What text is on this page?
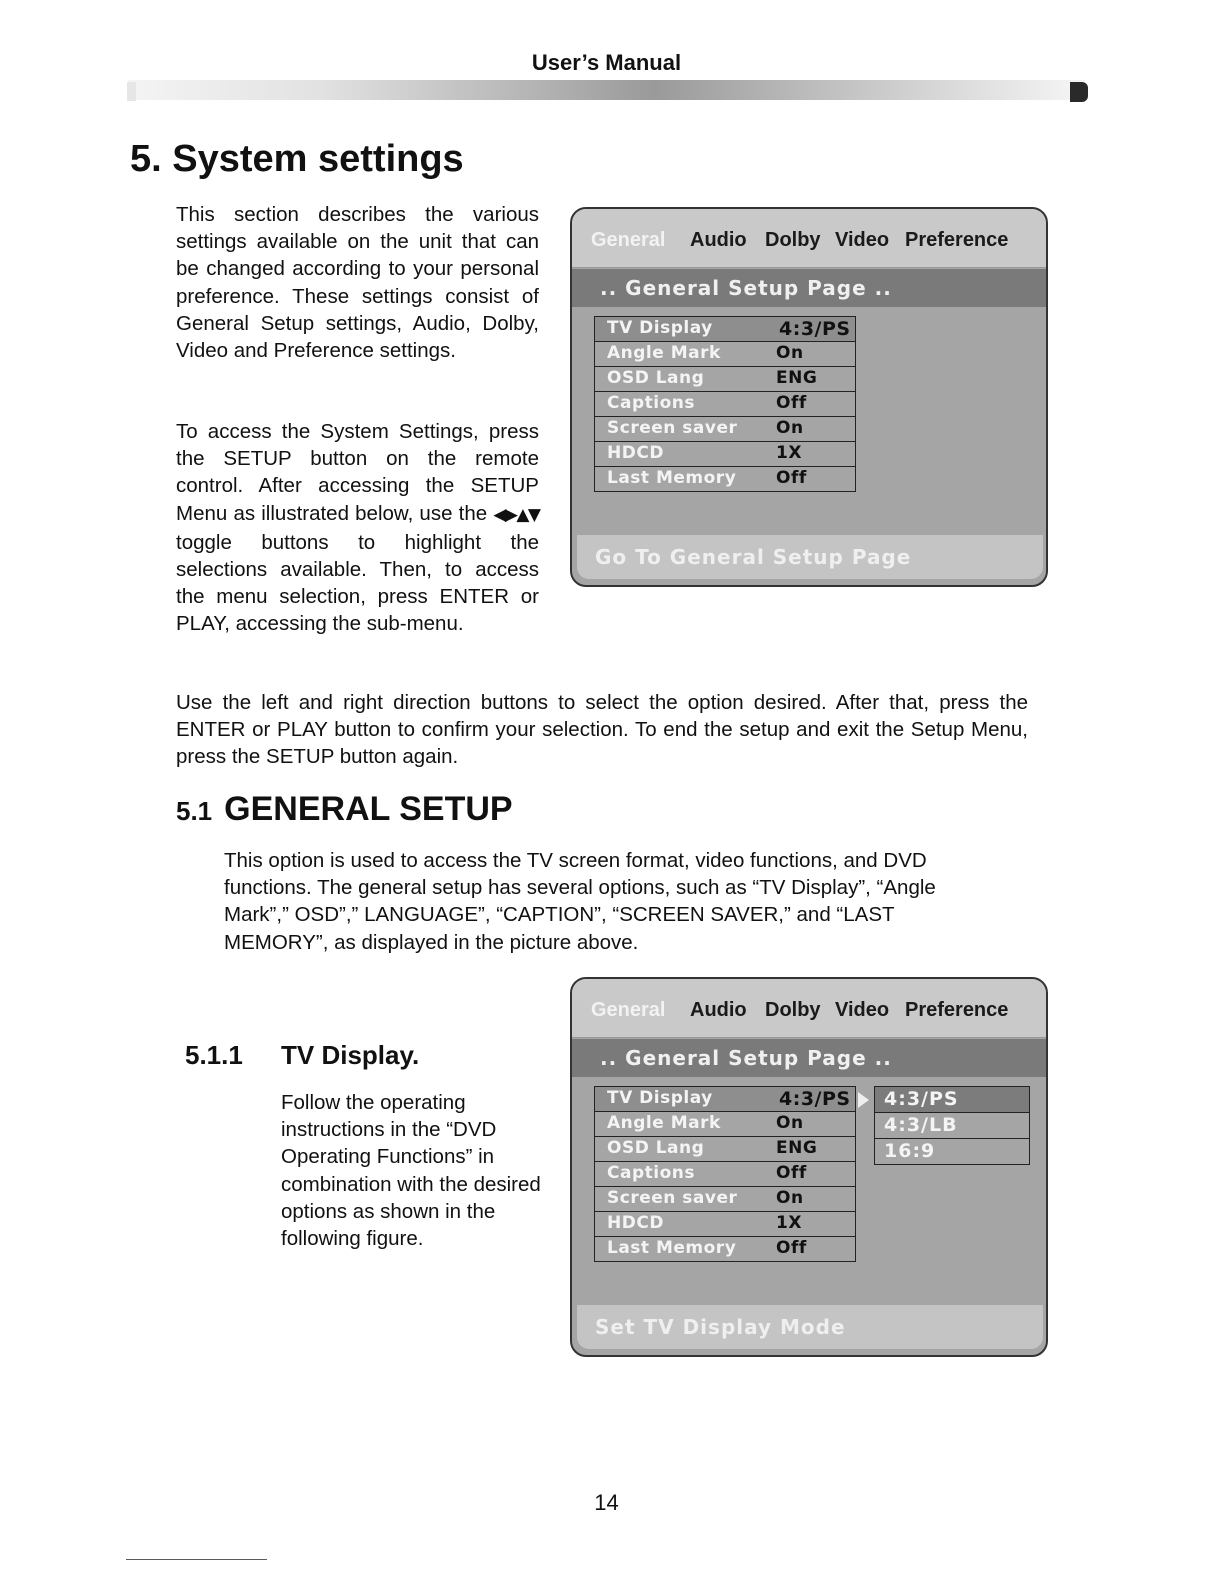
User’s Manual
5. System settings
This section describes the various settings available on the unit that can be changed according to your personal preference. These settings consist of General Setup settings, Audio, Dolby, Video and Preference settings.
To access the System Settings, press the SETUP button on the remote control. After accessing the SETUP Menu as illustrated below, use the ◀▶▲▼ toggle buttons to highlight the selections available. Then, to access the menu selection, press ENTER or PLAY, accessing the sub-menu.
General Audio Dolby Video Preference
.. General Setup Page ..
TV Display	4:3/PS
Angle Mark	On
OSD Lang	ENG
Captions	Off
Screen saver On
HDCD	1X
Last Memory Off
Go To General Setup Page
Use the left and right direction buttons to select the option desired. After that, press the ENTER or PLAY button to confirm your selection. To end the setup and exit the Setup Menu, press the SETUP button again.
5.1 GENERAL SETUP
This option is used to access the TV screen format, video functions, and DVD functions. The general setup has several options, such as “TV Display”, “Angle Mark”,” OSD”,” LANGUAGE”, “CAPTION”, “SCREEN SAVER,” and “LAST MEMORY”, as displayed in the picture above.
5.1.1 TV Display.
Follow the operating instructions in the “DVD Operating Functions” in combination with the desired options as shown in the following figure.
General Audio Dolby Video Preference
.. General Setup Page ..
TV Display	4:3/PS
Angle Mark	On
OSD Lang	ENG
Captions	Off
Screen saver On
HDCD	1X
Last Memory Off
4:3/PS
4:3/LB
16:9
Set TV Display Mode
14
